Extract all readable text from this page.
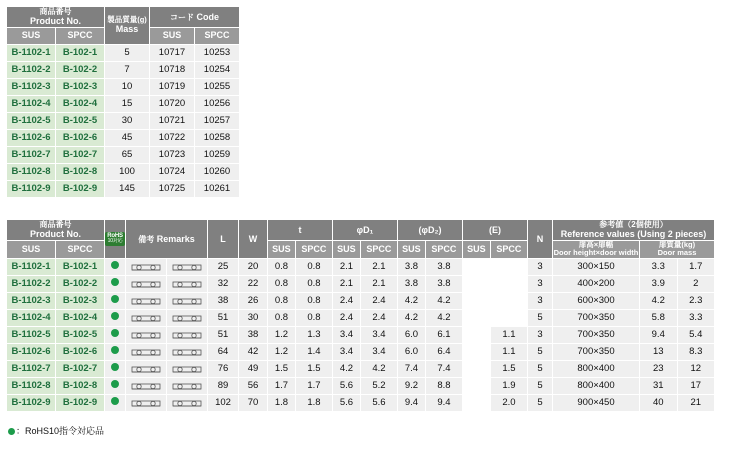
商品番号
Product No.	製品質量(g)
Mass
	コード Code
SUS	SPCC		SUS	SPCC
B-1102-1	B-102-1	5	10717	10253
B-1102-2	B-102-2	7	10718	10254
B-1102-3	B-102-3	10	10719	10255
B-1102-4	B-102-4	15	10720	10256
B-1102-5	B-102-5	30	10721	10257
B-1102-6	B-102-6	45	10722	10258
B-1102-7	B-102-7	65	10723	10259
B-1102-8	B-102-8	100	10724	10260
B-1102-9	B-102-9	145	10725	10261
商品番号
Product No.	RoHS
10対応	備考 Remarks	L	W	t	φD₁	(φD₂)	(E)	N	
参考値（2個使用）
Reference values (Using 2 pieces)

SUS	SPCC	SUS	SPCC	SUS	SPCC	SUS	SPCC	SUS	SPCC	扉高×扉幅
Door height×door width

扉質量(kg)
Door mass

B-1102-1	B-102-1				25	20	0.8	0.8	2.1	2.1	3.8	3.8			3	300×150	3.3	1.7
B-1102-2	B-102-2				32	22	0.8	0.8	2.1	2.1	3.8	3.8			3	400×200	3.9	2
B-1102-3	B-102-3				38	26	0.8	0.8	2.4	2.4	4.2	4.2			3	600×300	4.2	2.3
B-1102-4	B-102-4				51	30	0.8	0.8	2.4	2.4	4.2	4.2			5	700×350	5.8	3.3
B-1102-5	B-102-5				51	38	1.2	1.3	3.4	3.4	6.0	6.1		1.1	3	700×350	9.4	5.4
B-1102-6	B-102-6				64	42	1.2	1.4	3.4	3.4	6.0	6.4		1.1	5	700×350	13	8.3
B-1102-7	B-102-7				76	49	1.5	1.5	4.2	4.2	7.4	7.4		1.5	5	800×400	23	12
B-1102-8	B-102-8				89	56	1.7	1.7	5.6	5.2	9.2	8.8		1.9	5	800×400	31	17
B-1102-9	B-102-9				102	70	1.8	1.8	5.6	5.6	9.4	9.4		2.0	5	900×450	40	21
：RoHS10指令対応品
